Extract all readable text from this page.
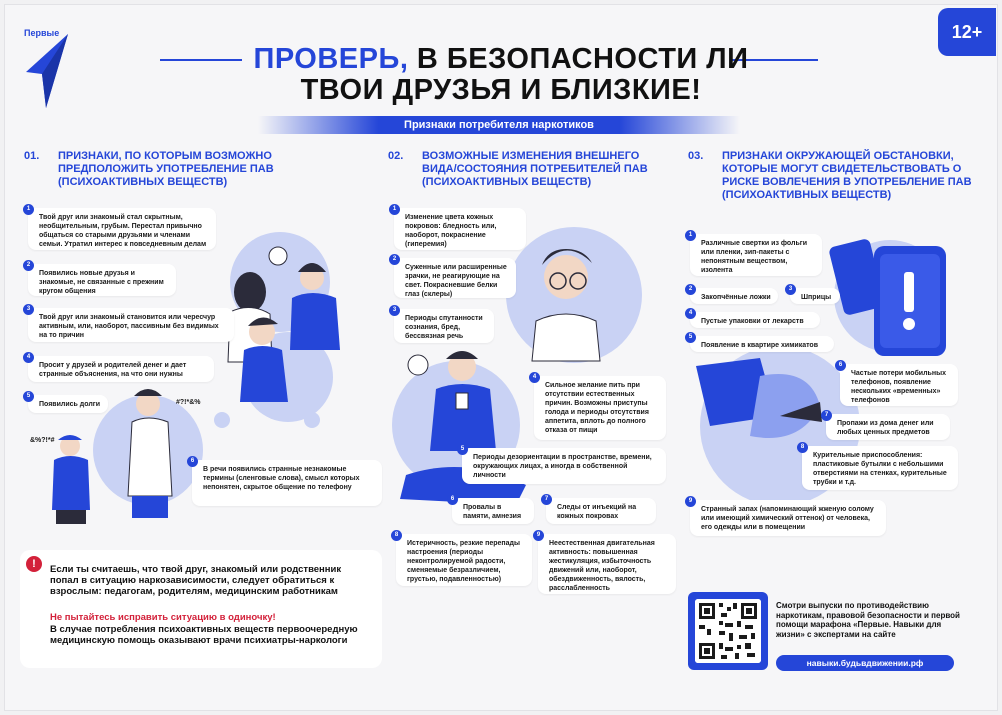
Первые	12+
ПРОВЕРЬ, В БЕЗОПАСНОСТИ ЛИ
ТВОИ ДРУЗЬЯ И БЛИЗКИЕ!
Признаки потребителя наркотиков
01.	ПРИЗНАКИ, ПО КОТОРЫМ ВОЗМОЖНО ПРЕДПОЛОЖИТЬ УПОТРЕБЛЕНИЕ ПАВ (ПСИХОАКТИВНЫХ ВЕЩЕСТВ)
02.	ВОЗМОЖНЫЕ ИЗМЕНЕНИЯ ВНЕШНЕГО ВИДА/СОСТОЯНИЯ ПОТРЕБИТЕЛЕЙ ПАВ (ПСИХОАКТИВНЫХ ВЕЩЕСТВ)
03.	ПРИЗНАКИ ОКРУЖАЮЩЕЙ ОБСТАНОВКИ, КОТОРЫЕ МОГУТ СВИДЕТЕЛЬСТВОВАТЬ О РИСКЕ ВОВЛЕЧЕНИЯ В УПОТРЕБЛЕНИЕ ПАВ (ПСИХОАКТИВНЫХ ВЕЩЕСТВ)
#?!*&%
&%?!*#
1
Твой друг или знакомый стал скрытным, необщительным, грубым. Перестал привычно общаться со старыми друзьями и членами семьи. Утратил интерес к повседневным делам
2
Появились новые друзья и знакомые, не связанные с прежним кругом общения
3
Твой друг или знакомый становится или чересчур активным, или, наоборот, пассивным без видимых на то причин
4
Просит у друзей и родителей денег и дает странные объяснения, на что они нужны
5
Появились долги
6
В речи появились странные незнакомые термины (сленговые слова), смысл которых непонятен, скрытое общение по телефону
1
Изменение цвета кожных покровов: бледность или, наоборот, покраснение (гиперемия)
2
Суженные или расширенные зрачки, не реагирующие на свет. Покрасневшие белки глаз (склеры)
3
Периоды спутанности сознания, бред, бессвязная речь
4
Сильное желание пить при отсутствии естественных причин. Возможны приступы голода и периоды отсутствия аппетита, вплоть до полного отказа от пищи
5
Периоды дезориентации в пространстве, времени, окружающих лицах, а иногда в собственной личности
6
Провалы в памяти, амнезия
7
Следы от инъекций на кожных покровах
8
Истеричность, резкие перепады настроения (периоды неконтролируемой радости, сменяемые безразличием, грустью, подавленностью)
9
Неестественная двигательная активность: повышенная жестикуляция, избыточность движений или, наоборот, обездвиженность, вялость, расслабленность
1
Различные свертки из фольги или пленки, зип-пакеты с непонятным веществом, изолента
2
Закопчённые ложки
3
Шприцы
4
Пустые упаковки от лекарств
5
Появление в квартире химикатов
6
Частые потери мобильных телефонов, появление нескольких «временных» телефонов
7
Пропажи из дома денег или любых ценных предметов
8
Курительные приспособления: пластиковые бутылки с небольшими отверстиями на стенках, курительные трубки и т.д.
9
Странный запах (напоминающий жженую солому или имеющий химический оттенок) от человека, его одежды или в помещении
!	Если ты считаешь, что твой друг, знакомый или родственник попал в ситуацию наркозависимости, следует обратиться к взрослым: педагогам, родителям, медицинским работникам

Не пытайтесь исправить ситуацию в одиночку!

В случае потребления психоактивных веществ первоочередную медицинскую помощь оказывают врачи психиатры-наркологи

Смотри выпуски по противодействию наркотикам, правовой безопасности и первой помощи марафона «Первые. Навыки для жизни» с экспертами на сайте
навыки.будьвдвижении.рф
